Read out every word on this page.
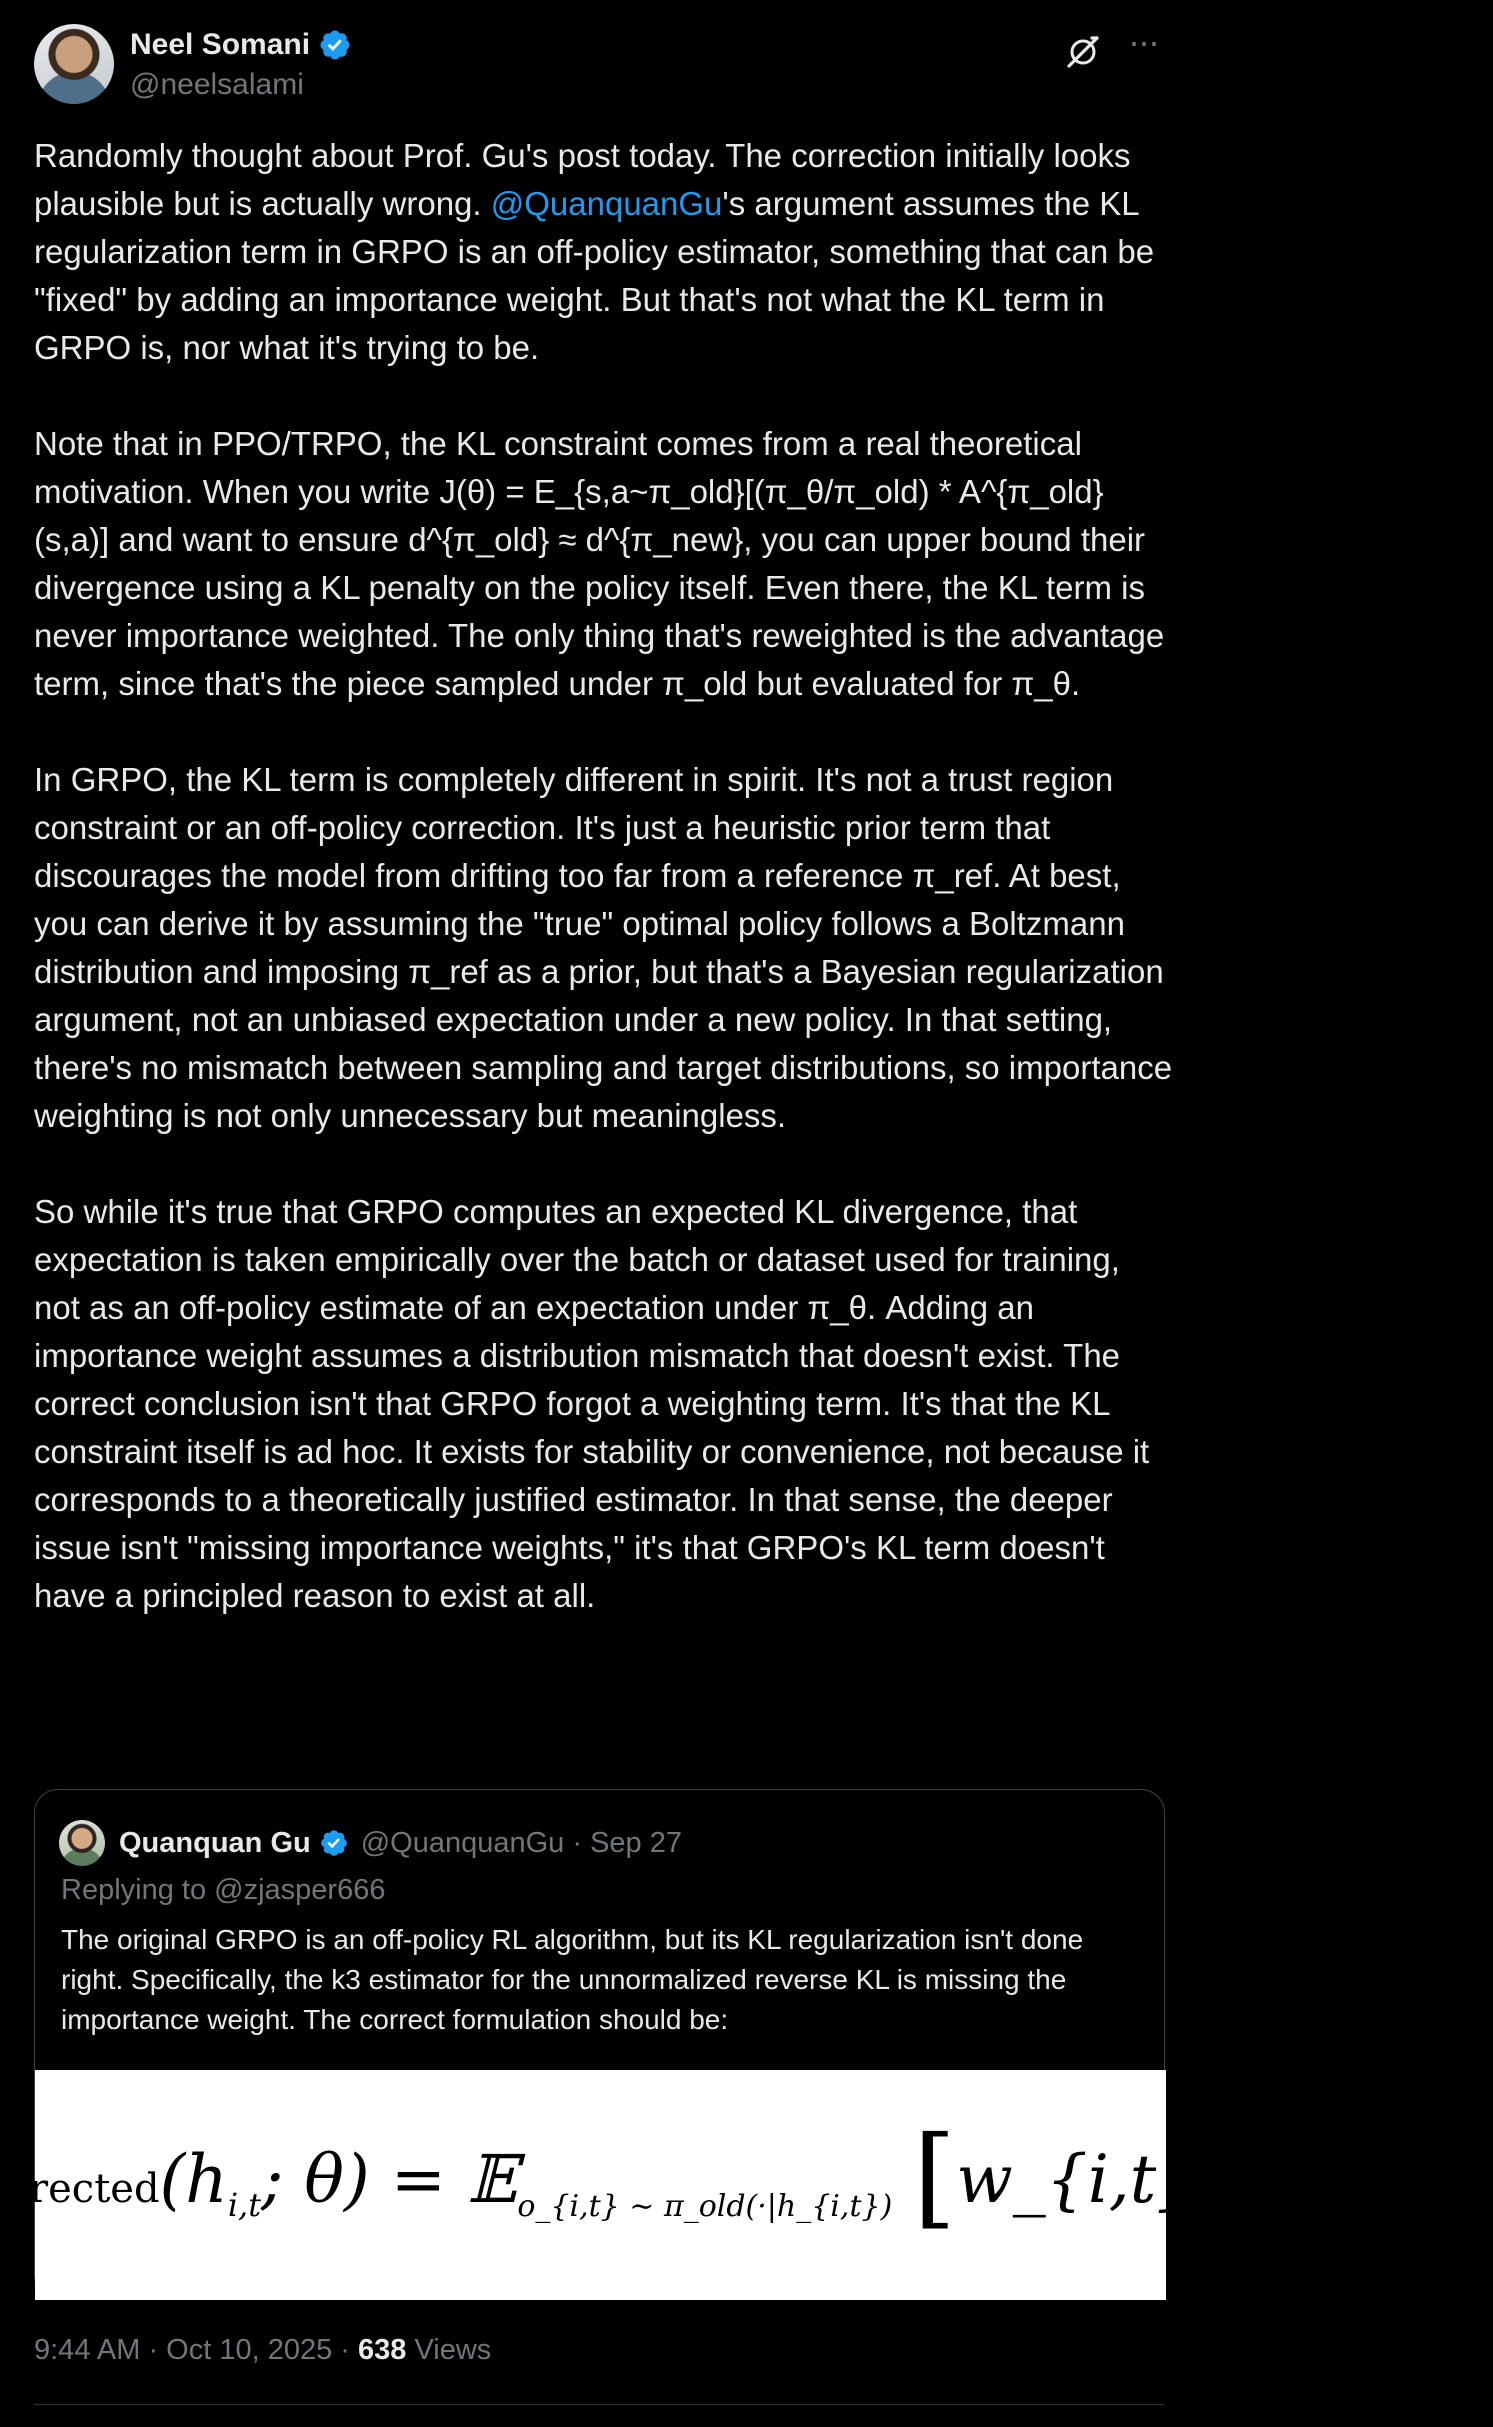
Neel Somani
@neelsalami
···

Randomly thought about Prof. Gu's post today. The correction initially looks plausible but is actually wrong. @QuanquanGu's argument assumes the KL regularization term in GRPO is an off-policy estimator, something that can be "fixed" by adding an importance weight. But that's not what the KL term in GRPO is, nor what it's trying to be.

Note that in PPO/TRPO, the KL constraint comes from a real theoretical motivation. When you write J(θ) = E_{s,a~π_old}[(π_θ/π_old) * A^{π_old}(s,a)] and want to ensure d^{π_old} ≈ d^{π_new}, you can upper bound their divergence using a KL penalty on the policy itself. Even there, the KL term is never importance weighted. The only thing that's reweighted is the advantage term, since that's the piece sampled under π_old but evaluated for π_θ.

In GRPO, the KL term is completely different in spirit. It's not a trust region constraint or an off-policy correction. It's just a heuristic prior term that discourages the model from drifting too far from a reference π_ref. At best, you can derive it by assuming the "true" optimal policy follows a Boltzmann distribution and imposing π_ref as a prior, but that's a Bayesian regularization argument, not an unbiased expectation under a new policy. In that setting, there's no mismatch between sampling and target distributions, so importance weighting is not only unnecessary but meaningless.

So while it's true that GRPO computes an expected KL divergence, that expectation is taken empirically over the batch or dataset used for training, not as an off-policy estimate of an expectation under π_θ. Adding an importance weight assumes a distribution mismatch that doesn't exist. The correct conclusion isn't that GRPO forgot a weighting term. It's that the KL constraint itself is ad hoc. It exists for stability or convenience, not because it corresponds to a theoretically justified estimator. In that sense, the deeper issue isn't "missing importance weights," it's that GRPO's KL term doesn't have a principled reason to exist at all.

Quanquan Gu @QuanquanGu · Sep 27
Replying to @zjasper666
The original GRPO is an off-policy RL algorithm, but its KL regularization isn't done right. Specifically, the k3 estimator for the unnormalized reverse KL is missing the importance weight. The correct formulation should be:
$rected(h_{i,t}$; θ) = 𝔼$_{o\_\{i,t\} \sim \pi\_old(\cdot|h\_\{i,t\})}$ [w_{i,t} $k_3$ ( π_ref
π_θ(
9:44 AM · Oct 10, 2025 · 638 Views
